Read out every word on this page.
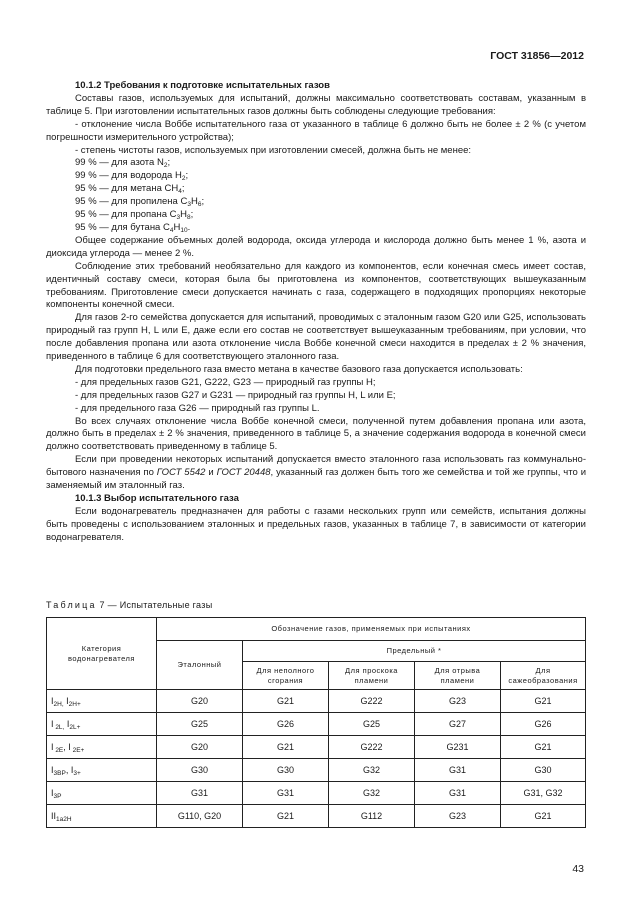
ГОСТ 31856—2012

10.1.2 Требования к подготовке испытательных газов

Составы газов, используемых для испытаний, должны максимально соответствовать составам, указанным в таблице 5. При изготовлении испытательных газов должны быть соблюдены следующие требования:

- отклонение числа Воббе испытательного газа от указанного в таблице 6 должно быть не более ± 2 % (с учетом погрешности измерительного устройства);

- степень чистоты газов, используемых при изготовлении смесей, должна быть не менее:

99 % — для азота $N_2$;

99 % — для водорода $H_2$;

95 % — для метана $CH_4$;

95 % — для пропилена $C_3H_6$;

95 % — для пропана $C_3H_8$;

95 % — для бутана $C_4H_{10}$.

Общее содержание объемных долей водорода, оксида углерода и кислорода должно быть менее 1 %, азота и диоксида углерода — менее 2 %.

Соблюдение этих требований необязательно для каждого из компонентов, если конечная смесь имеет состав, идентичный составу смеси, которая была бы приготовлена из компонентов, соответствующих вышеуказанным требованиям. Приготовление смеси допускается начинать с газа, содержащего в подходящих пропорциях некоторые компоненты конечной смеси.

Для газов 2-го семейства допускается для испытаний, проводимых с эталонным газом G20 или G25, использовать природный газ групп H, L или E, даже если его состав не соответствует вышеуказанным требованиям, при условии, что после добавления пропана или азота отклонение числа Воббе конечной смеси находится в пределах ± 2 % значения, приведенного в таблице 6 для соответствующего эталонного газа.

Для подготовки предельного газа вместо метана в качестве базового газа допускается использовать:

- для предельных газов G21, G222, G23 — природный газ группы H;

- для предельных газов G27 и G231 — природный газ группы H, L или E;

- для предельного газа G26 — природный газ группы L.

Во всех случаях отклонение числа Воббе конечной смеси, полученной путем добавления пропана или азота, должно быть в пределах ± 2 % значения, приведенного в таблице 5, а значение содержания водорода в конечной смеси должно соответствовать приведенному в таблице 5.

Если при проведении некоторых испытаний допускается вместо эталонного газа использовать газ коммунально-бытового назначения по ГОСТ 5542 и ГОСТ 20448, указанный газ должен быть того же семейства и той же группы, что и заменяемый им эталонный газ.

10.1.3 Выбор испытательного газа

Если водонагреватель предназначен для работы с газами нескольких групп или семейств, испытания должны быть проведены с использованием эталонных и предельных газов, указанных в таблице 7, в зависимости от категории водонагревателя.

Таблица 7 — Испытательные газы
Категория водонагревателя	Обозначение газов, применяемых при испытаниях				
	Эталонный	Предельный *			
		Для неполного сгорания	Для проскока пламени	Для отрыва пламени	Для сажеобразования
$I_{2H,}$ $I_{2H+}$	G20	G21	G222	G23	G21
I $_{2L,}$ $I_{2L+}$	G25	G26	G25	G27	G26
I $_{2E}$, I $_{2E+}$	G20	G21	G222	G231	G21
$I_{3BP}$, $I_{3+}$	G30	G30	G32	G31	G30
$I_{3P}$	G31	G31	G32	G31	G31, G32
$II_{1a2H}$	G110, G20	G21	G112	G23	G21
43
